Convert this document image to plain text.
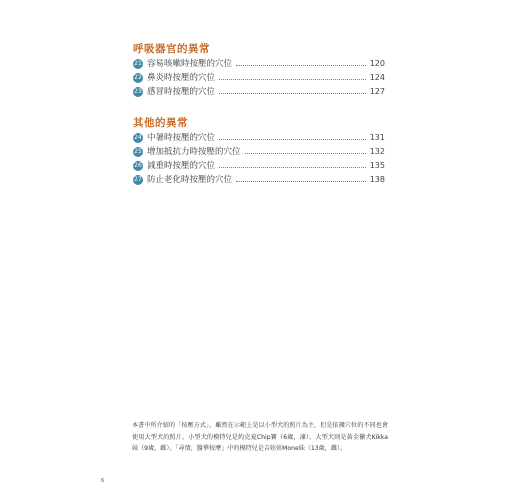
呼吸器官的異常
21 容易咳嗽時按壓的穴位	120
22 鼻炎時按壓的穴位	124
23 感冒時按壓的穴位	127
其他的異常
24 中暑時按壓的穴位	131
25 增加抵抗力時按壓的穴位	132
26 減重時按壓的穴位	135
27 防止老化時按壓的穴位	138

本書中所介紹的「按壓方式」，雖然在示範上是以小型犬的照片為主，但是依據穴位的不同也會使用大型犬的照片。小型犬的模特兒是約克夏Chip寶（6歲，凜）、大型犬則是黃金獵犬Kikka妹（9歲，雌）。「尋情，醫華按摩」中的模特兒是吉娃娃Mone妹（13歲，雌）。

6
